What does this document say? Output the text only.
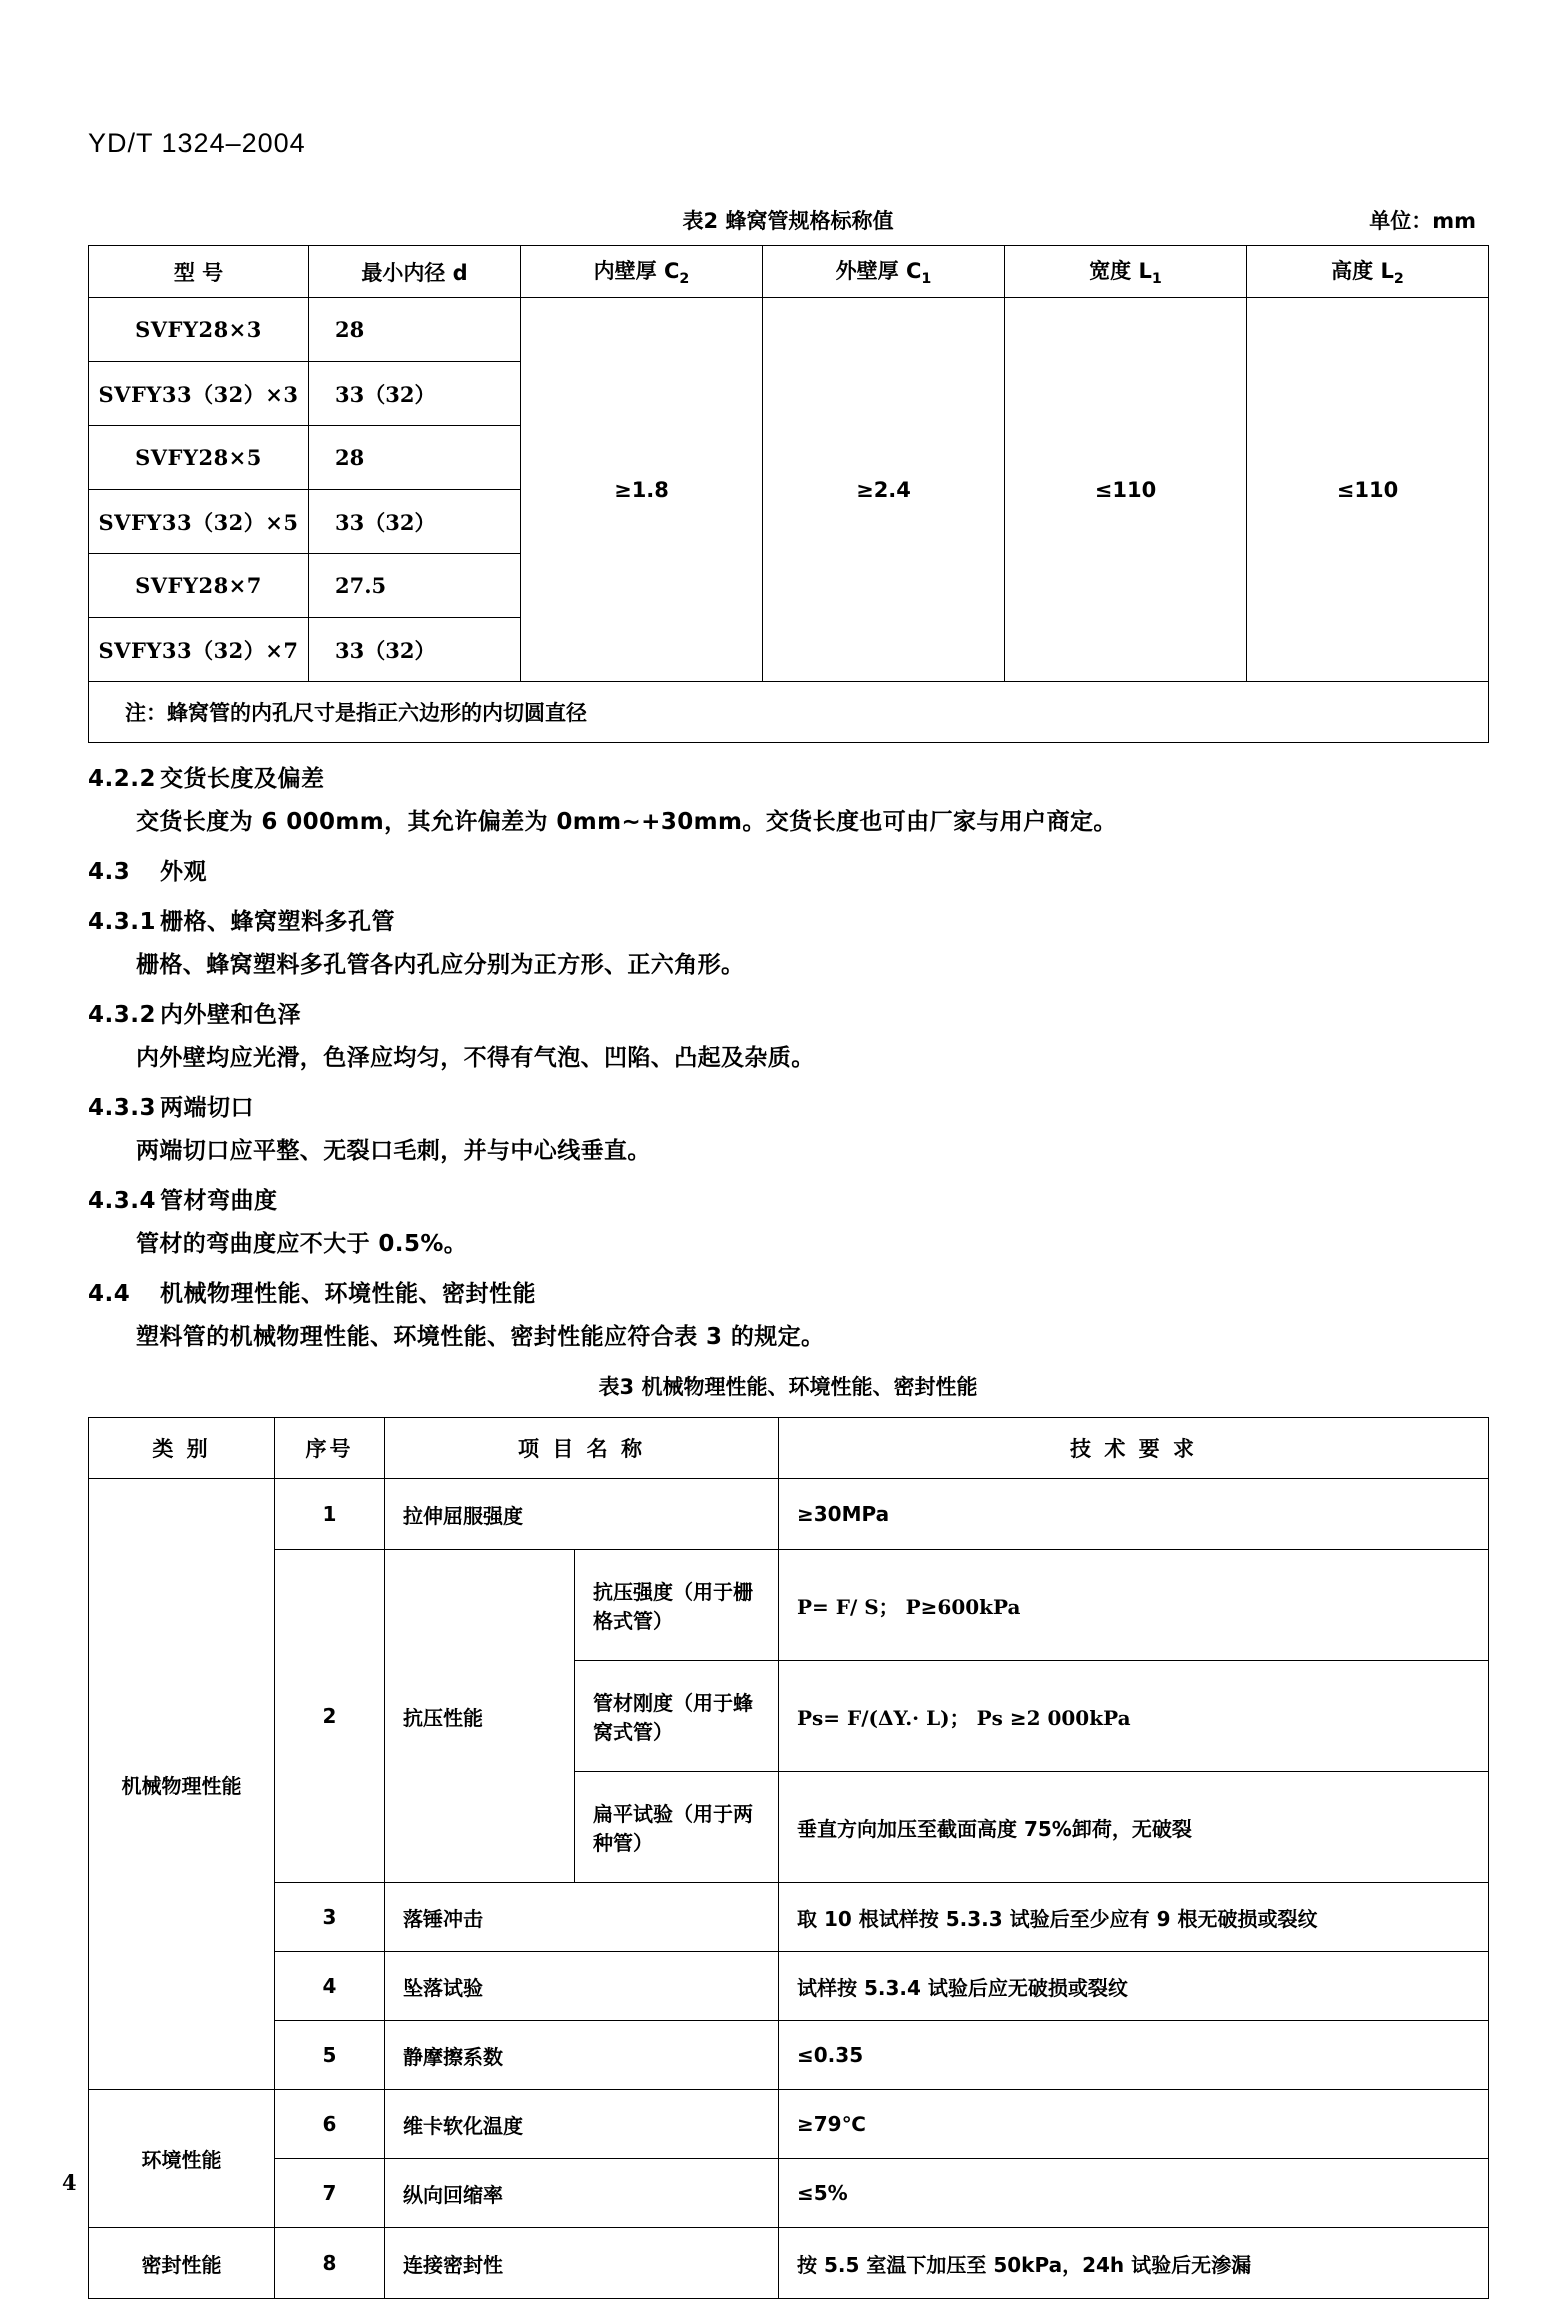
YD/T 1324–2004
表2 蜂窝管规格标称值	单位：mm
型 号	最小内径 d	内壁厚 $C_2$	外壁厚 $C_1$	宽度 $L_1$	高度 $L_2$
SVFY28×3	28	≥1.8	≥2.4	≤110	≤110
SVFY33（32）×3	33（32）				
SVFY28×5	28				
SVFY33（32）×5	33（32）				
SVFY28×7	27.5				
SVFY33（32）×7	33（32）				
注：蜂窝管的内孔尺寸是指正六边形的内切圆直径					
4.2.2 交货长度及偏差
交货长度为 6 000mm，其允许偏差为 0mm~+30mm。交货长度也可由厂家与用户商定。
4.3 外观
4.3.1 栅格、蜂窝塑料多孔管
栅格、蜂窝塑料多孔管各内孔应分别为正方形、正六角形。
4.3.2 内外壁和色泽
内外壁均应光滑，色泽应均匀，不得有气泡、凹陷、凸起及杂质。
4.3.3 两端切口
两端切口应平整、无裂口毛刺，并与中心线垂直。
4.3.4 管材弯曲度
管材的弯曲度应不大于 0.5%。
4.4 机械物理性能、环境性能、密封性能
塑料管的机械物理性能、环境性能、密封性能应符合表 3 的规定。
表3 机械物理性能、环境性能、密封性能
类 别	序号	项 目 名 称		技 术 要 求
机械物理性能	1	拉伸屈服强度		≥30MPa
	2	抗压性能	抗压强度（用于栅格式管）	P= F/ S； P≥600kPa
			管材刚度（用于蜂窝式管）	Ps= F/(ΔY.· L)； Ps ≥2 000kPa
			扁平试验（用于两种管）	垂直方向加压至截面高度 75%卸荷，无破裂
	3	落锤冲击		取 10 根试样按 5.3.3 试验后至少应有 9 根无破损或裂纹
	4	坠落试验		试样按 5.3.4 试验后应无破损或裂纹
	5	静摩擦系数		≤0.35
环境性能	6	维卡软化温度		≥79℃
	7	纵向回缩率		≤5%
密封性能	8	连接密封性		按 5.5 室温下加压至 50kPa，24h 试验后无渗漏
4
